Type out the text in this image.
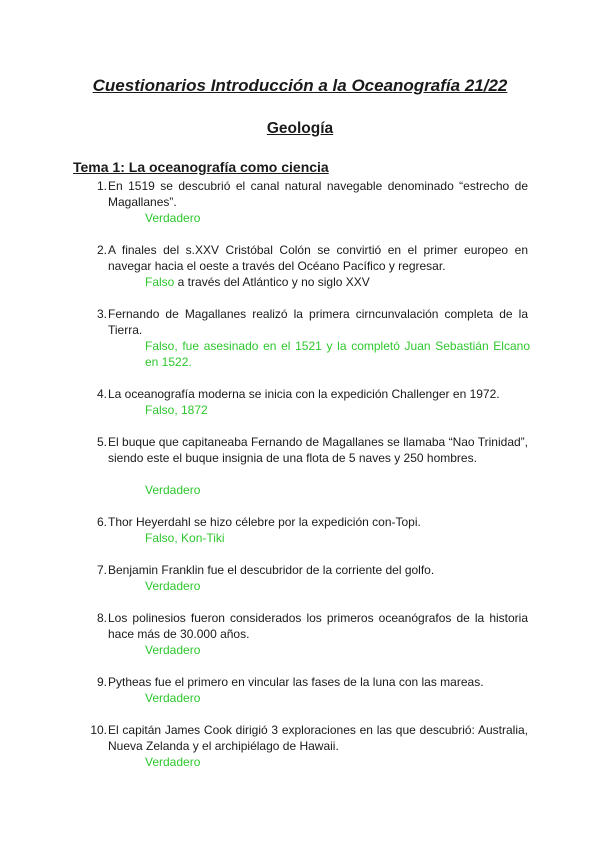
Cuestionarios Introducción a la Oceanografía 21/22
Geología
Tema 1: La oceanografía como ciencia
1. En 1519 se descubrió el canal natural navegable denominado “estrecho de Magallanes”.
Verdadero
2. A finales del s.XXV Cristóbal Colón se convirtió en el primer europeo en navegar hacia el oeste a través del Océano Pacífico y regresar.
Falso a través del Atlántico y no siglo XXV
3. Fernando de Magallanes realizó la primera cirncunvalación completa de la Tierra.
Falso, fue asesinado en el 1521 y la completó Juan Sebastián Elcano en 1522.
4. La oceanografía moderna se inicia con la expedición Challenger en 1972.
Falso, 1872
5. El buque que capitaneaba Fernando de Magallanes se llamaba “Nao Trinidad”, siendo este el buque insignia de una flota de 5 naves y 250 hombres.
Verdadero
6. Thor Heyerdahl se hizo célebre por la expedición con-Topi.
Falso, Kon-Tiki
7. Benjamin Franklin fue el descubridor de la corriente del golfo.
Verdadero
8. Los polinesios fueron considerados los primeros oceanógrafos de la historia hace más de 30.000 años.
Verdadero
9. Pytheas fue el primero en vincular las fases de la luna con las mareas.
Verdadero
10. El capitán James Cook dirigió 3 exploraciones en las que descubrió: Australia, Nueva Zelanda y el archipiélago de Hawaii.
Verdadero
